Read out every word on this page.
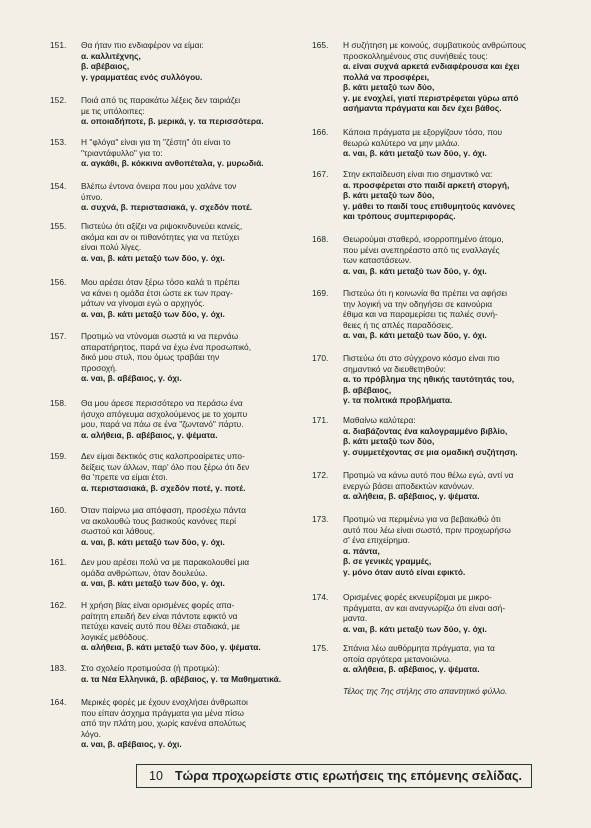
151.	Θα ήταν πιο ενδιαφέρον να είμαι:
α. καλλιτέχνης,
β. αβέβαιος,
γ. γραμματέας ενός συλλόγου.
152.	Ποιά από τις παρακάτω λέξεις δεν ταιριάζει
με τις υπόλοιπες:
α. οποιαδήποτε, β. μερικά, γ. τα περισσότερα.
153.	Η "φλόγα" είναι για τη "ζέστη" ότι είναι το
"τριαντάφυλλο" για το:
α. αγκάθι, β. κόκκινα ανθοπέταλα, γ. μυρωδιά.
154.	Βλέπω έντονα όνειρα που μου χαλάνε τον
ύπνο.
α. συχνά, β. περιστασιακά, γ. σχεδόν ποτέ.
155.	Πιστεύω ότι αξίζει να ριψοκινδυνεύει κανείς,
ακόμα και αν οι πιθανότητες για να πετύχει
είναι πολύ λίγες.
α. ναι, β. κάτι μεταξύ των δύο, γ. όχι.
156.	Μου αρέσει όταν ξέρω τόσο καλά τι πρέπει
να κάνει η ομάδα έτσι ώστε εκ των πραγ-
μάτων να γίνομαι εγώ ο αρχηγός.
α. ναι, β. κάτι μεταξύ των δύο, γ. όχι.
157.	Προτιμώ να ντύνομαι σωστά κι να περνάω
απαρατήρητος, παρά να έχω ένα προσωπικό,
δικό μου στυλ, που όμως τραβάει την
προσοχή.
α. ναι, β. αβέβαιος, γ. όχι.
158.	Θα μου άρεσε περισσότερο να περάσω ένα
ήσυχο απόγευμα ασχολούμενος με το χομπυ
μου, παρά να πάω σε ένα "ζωντανό" πάρτυ.
α. αλήθεια, β. αβέβαιος, γ. ψέματα.
159.	Δεν είμαι δεκτικός στις καλοπροαίρετες υπο-
δείξεις των άλλων, παρ' όλο που ξέρω ότι δεν
θα 'πρεπε να είμαι έτσι.
α. περιστασιακά, β. σχεδόν ποτέ, γ. ποτέ.
160.	Όταν παίρνω μια απόφαση, προσέχω πάντα
να ακολουθώ τους βασικούς κανόνες περί
σωστού και λάθους.
α. ναι, β. κάτι μεταξύ των δύο, γ. όχι.
161.	Δεν μου αρέσει πολύ να με παρακολουθεί μια
ομάδα ανθρώπων, όταν δουλεύω.
α. ναι, β. κάτι μεταξύ των δύο, γ. όχι.
162.	Η χρήση βίας είναι ορισμένες φορές απα-
ραίτητη επειδή δεν είναι πάντοτε εφικτό να
πετύχει κανείς αυτό που θέλει σταδιακά, με
λογικές μεθόδους.
α. αλήθεια, β. κάτι μεταξύ των δύο, γ. ψέματα.
183.	Στο σχολείο προτιμούσα (ή προτιμώ):
α. τα Νέα Ελληνικά, β. αβέβαιος, γ. τα Μαθηματικά.
164.	Μερικές φορές με έχουν ενοχλήσει άνθρωποι
που είπαν άσχημα πράγματα για μένα πίσω
από την πλάτη μου, χωρίς κανένα απολύτως
λόγο.
α. ναι, β. αβέβαιος, γ. όχι.
165.	Η συζήτηση με κοινούς, συμβατικούς ανθρώπους
προσκολλημένους στις συνήθειές τους:
α. είναι συχνά αρκετά ενδιαφέρουσα και έχει
πολλά να προσφέρει,
β. κάτι μεταξύ των δύο,
γ. με ενοχλεί, γιατί περιστρέφεται γύρω από
ασήμαντα πράγματα και δεν έχει βάθος.
166.	Κάποια πράγματα με εξοργίζουν τόσο, που
θεωρώ καλύτερο να μην μιλάω.
α. ναι, β. κάτι μεταξύ των δύο, γ. όχι.
167.	Στην εκπαίδευση είναι πιο σημαντικό να:
α. προσφέρεται στο παιδί αρκετή στοργή,
β. κάτι μεταξύ των δύο,
γ. μάθει το παιδί τους επιθυμητούς κανόνες
και τρόπους συμπεριφοράς.
168.	Θεωρούμαι σταθερό, ισορροπημένο άτομο,
που μένει ανεπηρέαστο από τις εναλλαγές
των καταστάσεων.
α. ναι, β. κάτι μεταξύ των δύο, γ. όχι.
169.	Πιστεύω ότι η κοινωνία θα πρέπει να αφήσει
την λογική να την οδηγήσει σε καινούρια
έθιμα και να παραμερίσει τις παλιές συνή-
θειες ή τις απλές παραδόσεις.
α. ναι, β. κάτι μεταξύ των δύο, γ. όχι.
170.	Πιστεύω ότι στο σύγχρονο κόσμο είναι πιο
σημαντικό να διευθετηθούν:
α. το πρόβλημα της ηθικής ταυτότητάς του,
β. αβέβαιος,
γ. τα πολιτικά προβλήματα.
171.	Μαθαίνω καλύτερα:
α. διαβάζοντας ένα καλογραμμένο βιβλίο,
β. κάτι μεταξύ των δύο,
γ. συμμετέχοντας σε μια ομαδική συζήτηση.
172.	Προτιμώ να κάνω αυτό που θέλω εγώ, αντί να
ενεργώ βάσει αποδεκτών κανόνων.
α. αλήθεια, β. αβέβαιος, γ. ψέματα.
173.	Προτιμώ να περιμένω για να βεβαιωθώ ότι
αυτό που λέω είναι σωστό, πριν προχωρήσω
σ' ένα επιχείρημα.
α. πάντα,
β. σε γενικές γραμμές,
γ. μόνο όταν αυτό είναι εφικτό.
174.	Ορισμένες φορές εκνευρίζομαι με μικρο-
πράγματα, αν και αναγνωρίζω ότι είναι ασή-
μαντα.
α. ναι, β. κάτι μεταξύ των δύο, γ. όχι.
175.	Σπάνια λέω αυθόρμητα πράγματα, για τα
οποία αργότερα μετανοιώνω.
α. αλήθεια, β. αβέβαιος, γ. ψέματα.
Τέλος της 7ης στήλης στο απαντητικό φύλλο.
10 Τώρα προχωρείστε στις ερωτήσεις της επόμενης σελίδας.
